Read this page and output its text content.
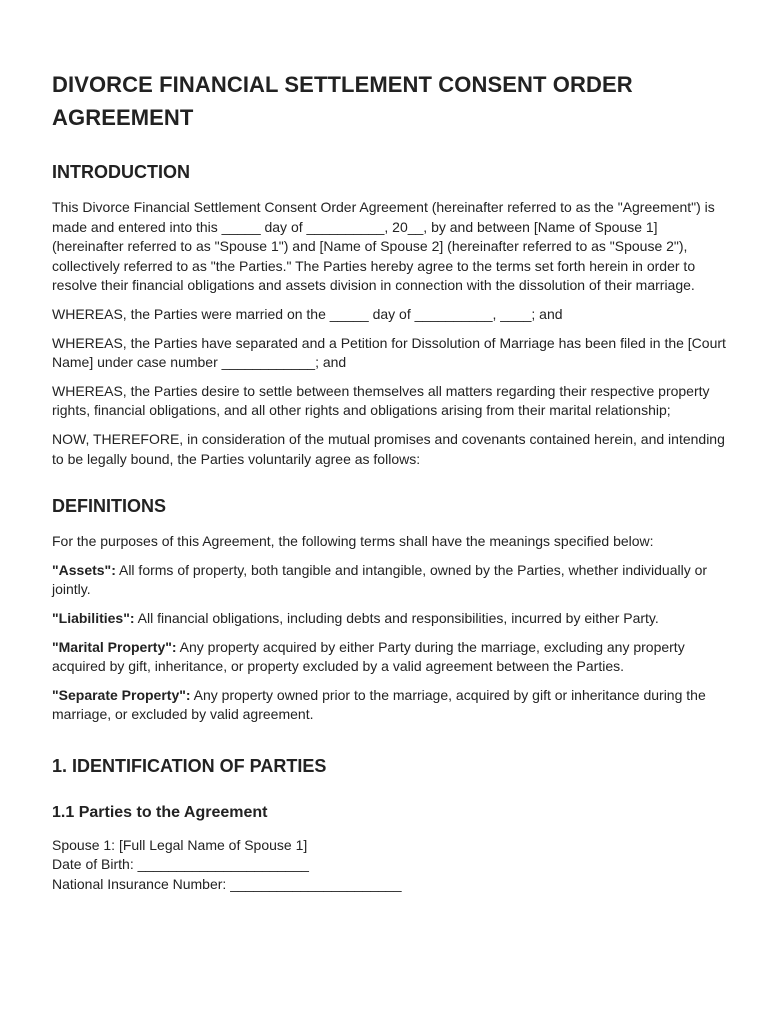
DIVORCE FINANCIAL SETTLEMENT CONSENT ORDER AGREEMENT
INTRODUCTION

This Divorce Financial Settlement Consent Order Agreement (hereinafter referred to as the "Agreement") is made and entered into this _____ day of __________, 20__, by and between [Name of Spouse 1] (hereinafter referred to as "Spouse 1") and [Name of Spouse 2] (hereinafter referred to as "Spouse 2"), collectively referred to as "the Parties." The Parties hereby agree to the terms set forth herein in order to resolve their financial obligations and assets division in connection with the dissolution of their marriage.

WHEREAS, the Parties were married on the _____ day of __________, ____; and

WHEREAS, the Parties have separated and a Petition for Dissolution of Marriage has been filed in the [Court Name] under case number ____________; and

WHEREAS, the Parties desire to settle between themselves all matters regarding their respective property rights, financial obligations, and all other rights and obligations arising from their marital relationship;

NOW, THEREFORE, in consideration of the mutual promises and covenants contained herein, and intending to be legally bound, the Parties voluntarily agree as follows:

DEFINITIONS

For the purposes of this Agreement, the following terms shall have the meanings specified below:

"Assets": All forms of property, both tangible and intangible, owned by the Parties, whether individually or jointly.

"Liabilities": All financial obligations, including debts and responsibilities, incurred by either Party.

"Marital Property": Any property acquired by either Party during the marriage, excluding any property acquired by gift, inheritance, or property excluded by a valid agreement between the Parties.

"Separate Property": Any property owned prior to the marriage, acquired by gift or inheritance during the marriage, or excluded by valid agreement.

1. IDENTIFICATION OF PARTIES
1.1 Parties to the Agreement

Spouse 1: [Full Legal Name of Spouse 1]

Date of Birth: ______________________

National Insurance Number: ______________________
